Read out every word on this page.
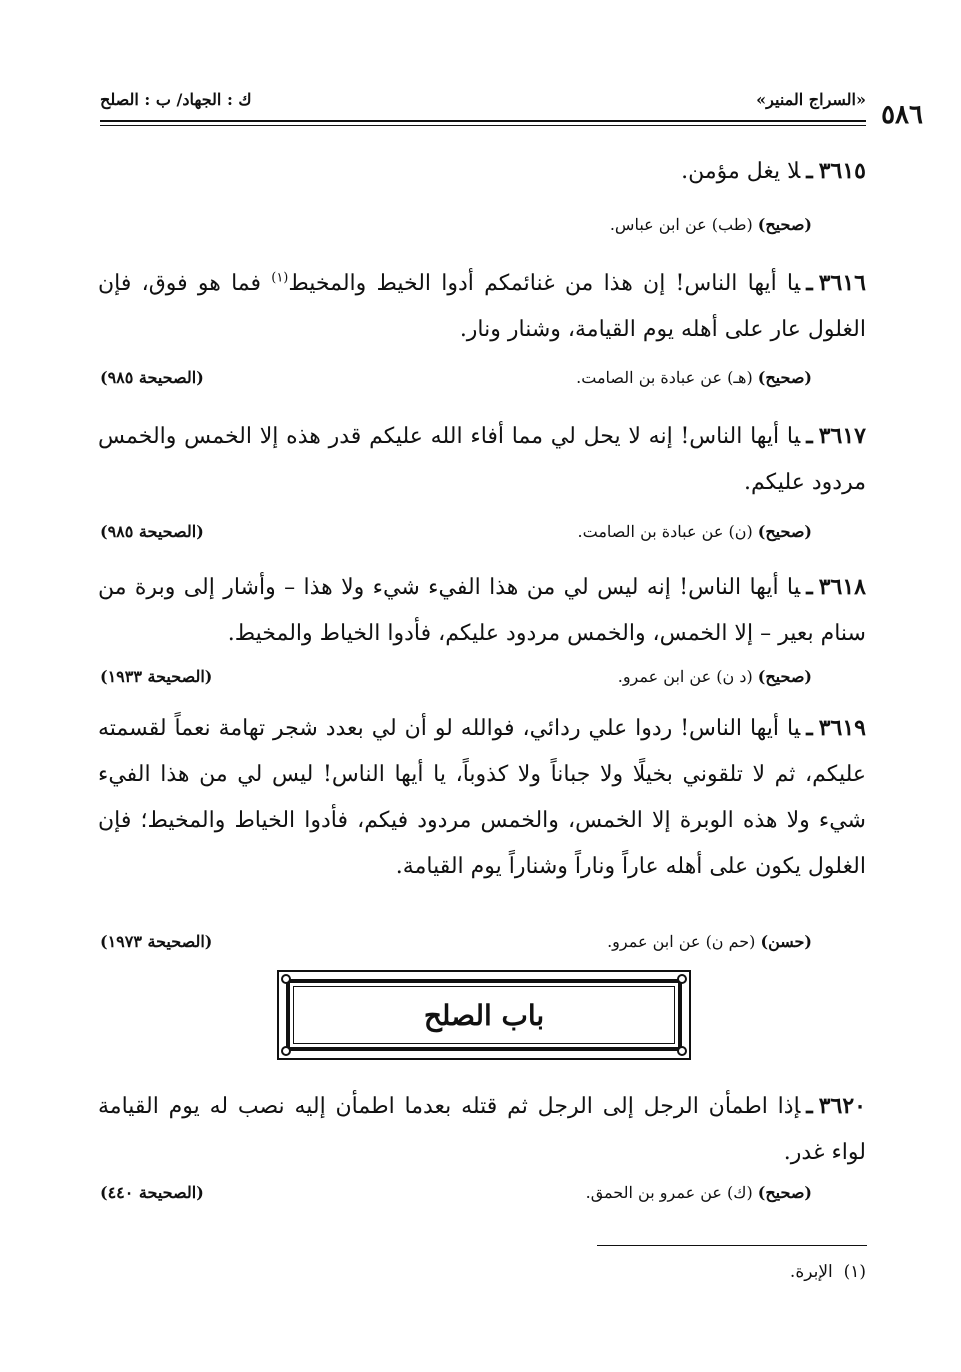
٥٨٦
«السراج المنير»
ك : الجهاد/ ب : الصلح
٣٦١٥ـلا يغل مؤمن.
(صحيح) (طب) عن ابن عباس.
٣٦١٦ـيا أيها الناس! إن هذا من غنائمكم أدوا الخيط والمخيط$^{(١)}$ فما هو فوق، فإن الغلول عار على أهله يوم القيامة، وشنار ونار.
(صحيح) (هـ) عن عبادة بن الصامت.
(الصحيحة ٩٨٥)
٣٦١٧ـيا أيها الناس! إنه لا يحل لي مما أفاء الله عليكم قدر هذه إلا الخمس والخمس مردود عليكم.
(صحيح) (ن) عن عبادة بن الصامت.
(الصحيحة ٩٨٥)
٣٦١٨ـيا أيها الناس! إنه ليس لي من هذا الفيء شيء ولا هذا – وأشار إلى وبرة من سنام بعير – إلا الخمس، والخمس مردود عليكم، فأدوا الخياط والمخيط.
(صحيح) (د ن) عن ابن عمرو.
(الصحيحة ١٩٣٣)
٣٦١٩ـيا أيها الناس! ردوا علي ردائي، فوالله لو أن لي بعدد شجر تهامة نعماً لقسمته عليكم، ثم لا تلقوني بخيلًا ولا جباناً ولا كذوباً، يا أيها الناس! ليس لي من هذا الفيء شيء ولا هذه الوبرة إلا الخمس، والخمس مردود فيكم، فأدوا الخياط والمخيط؛ فإن الغلول يكون على أهله عاراً وناراً وشناراً يوم القيامة.
(حسن) (حم ن) عن ابن عمرو.
(الصحيحة ١٩٧٣)
باب الصلح
٣٦٢٠ـإذا اطمأن الرجل إلى الرجل ثم قتله بعدما اطمأن إليه نصب له يوم القيامة لواء غدر.
(صحيح) (ك) عن عمرو بن الحمق.
(الصحيحة ٤٤٠)
(١)  الإبرة.
